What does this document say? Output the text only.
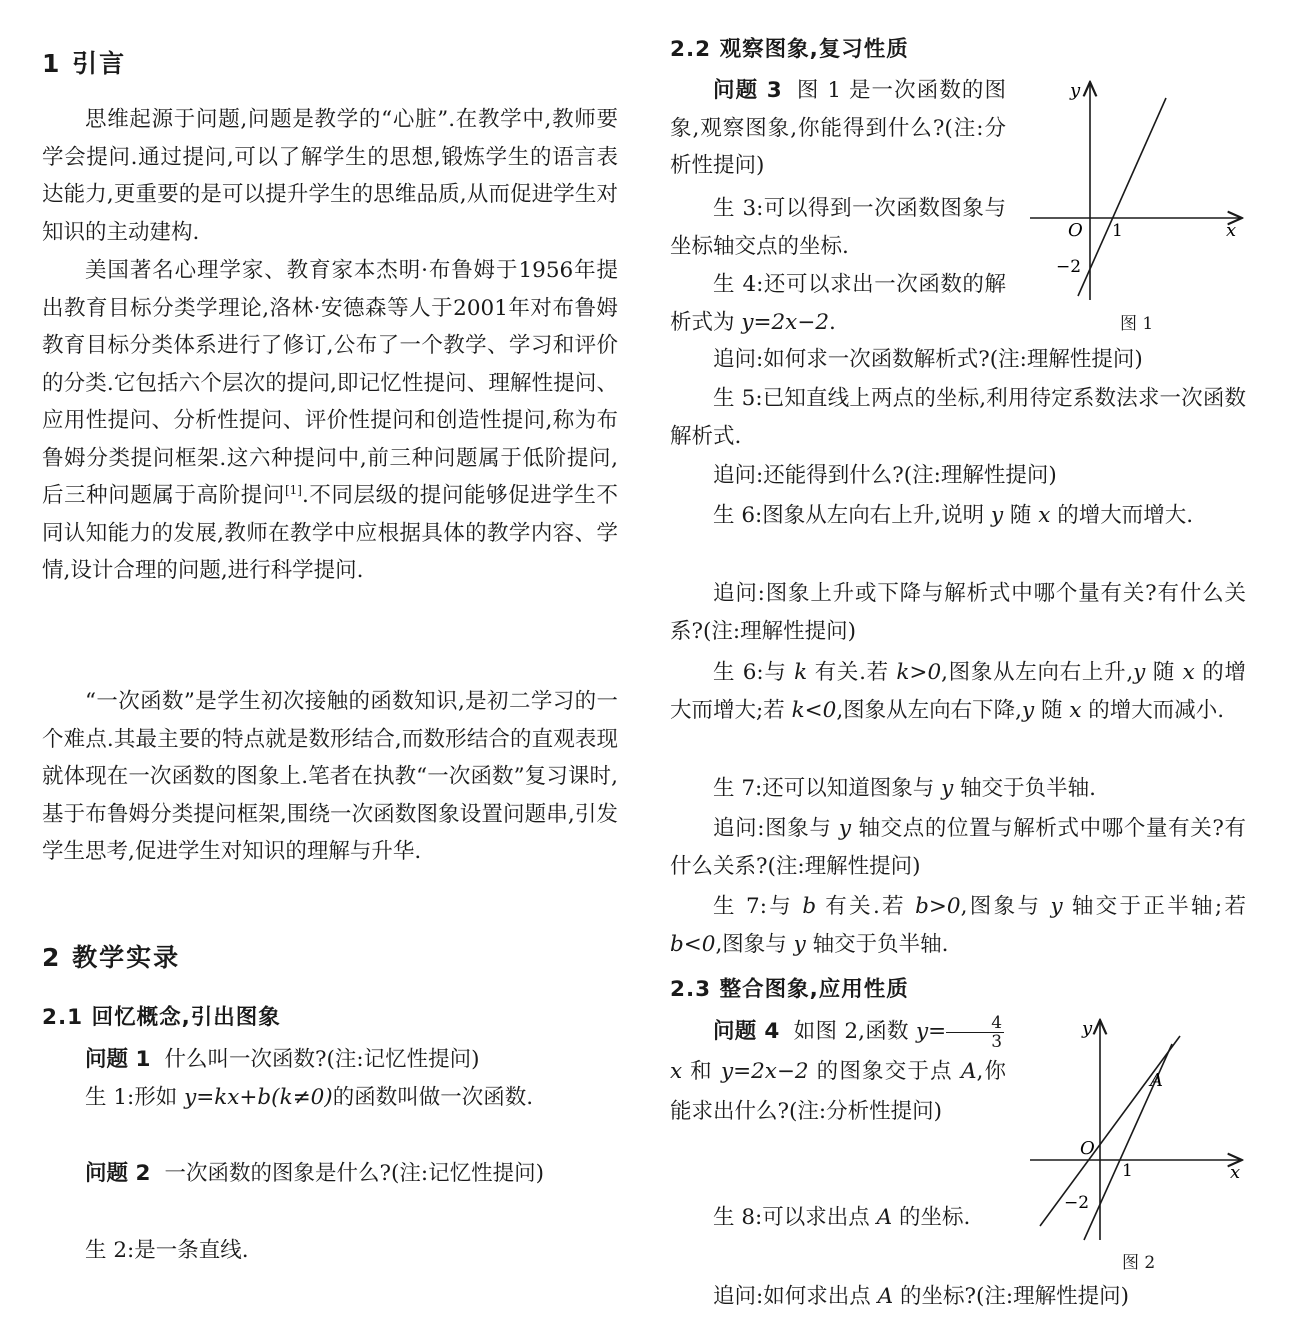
1 引言
思维起源于问题,问题是教学的“心脏”.在教学中,教师要学会提问.通过提问,可以了解学生的思想,锻炼学生的语言表达能力,更重要的是可以提升学生的思维品质,从而促进学生对知识的主动建构.
美国著名心理学家、教育家本杰明·布鲁姆于1956年提出教育目标分类学理论,洛林·安德森等人于2001年对布鲁姆教育目标分类体系进行了修订,公布了一个教学、学习和评价的分类.它包括六个层次的提问,即记忆性提问、理解性提问、应用性提问、分析性提问、评价性提问和创造性提问,称为布鲁姆分类提问框架.这六种提问中,前三种问题属于低阶提问,后三种问题属于高阶提问[1].不同层级的提问能够促进学生不同认知能力的发展,教师在教学中应根据具体的教学内容、学情,设计合理的问题,进行科学提问.
“一次函数”是学生初次接触的函数知识,是初二学习的一个难点.其最主要的特点就是数形结合,而数形结合的直观表现就体现在一次函数的图象上.笔者在执教“一次函数”复习课时,基于布鲁姆分类提问框架,围绕一次函数图象设置问题串,引发学生思考,促进学生对知识的理解与升华.
2 教学实录
2.1 回忆概念,引出图象
问题 1 什么叫一次函数?(注:记忆性提问)
生 1:形如 y=kx+b(k≠0)的函数叫做一次函数.
问题 2 一次函数的图象是什么?(注:记忆性提问)
生 2:是一条直线.
2.2 观察图象,复习性质
问题 3 图 1 是一次函数的图象,观察图象,你能得到什么?(注:分析性提问)
生 3:可以得到一次函数图象与坐标轴交点的坐标.
生 4:还可以求出一次函数的解析式为 y=2x−2.
O 1
−2
x
y
图 1
追问:如何求一次函数解析式?(注:理解性提问)
生 5:已知直线上两点的坐标,利用待定系数法求一次函数解析式.
追问:还能得到什么?(注:理解性提问)
生 6:图象从左向右上升,说明 y 随 x 的增大而增大.
追问:图象上升或下降与解析式中哪个量有关?有什么关系?(注:理解性提问)
生 6:与 k 有关.若 k>0,图象从左向右上升,y 随 x 的增大而增大;若 k<0,图象从左向右下降,y 随 x 的增大而减小.
生 7:还可以知道图象与 y 轴交于负半轴.
追问:图象与 y 轴交点的位置与解析式中哪个量有关?有什么关系?(注:理解性提问)
生 7:与 b 有关.若 b>0,图象与 y 轴交于正半轴;若 b<0,图象与 y 轴交于负半轴.
2.3 整合图象,应用性质
问题 4 如图 2,函数 $y= \frac{4}{3}$
x 和 y=2x−2 的图象交于点 A,你能求出什么?(注:分析性提问)
生 8:可以求出点 A 的坐标.
A
O
1
−2
x
y
图 2
追问:如何求出点 A 的坐标?(注:理解性提问)
